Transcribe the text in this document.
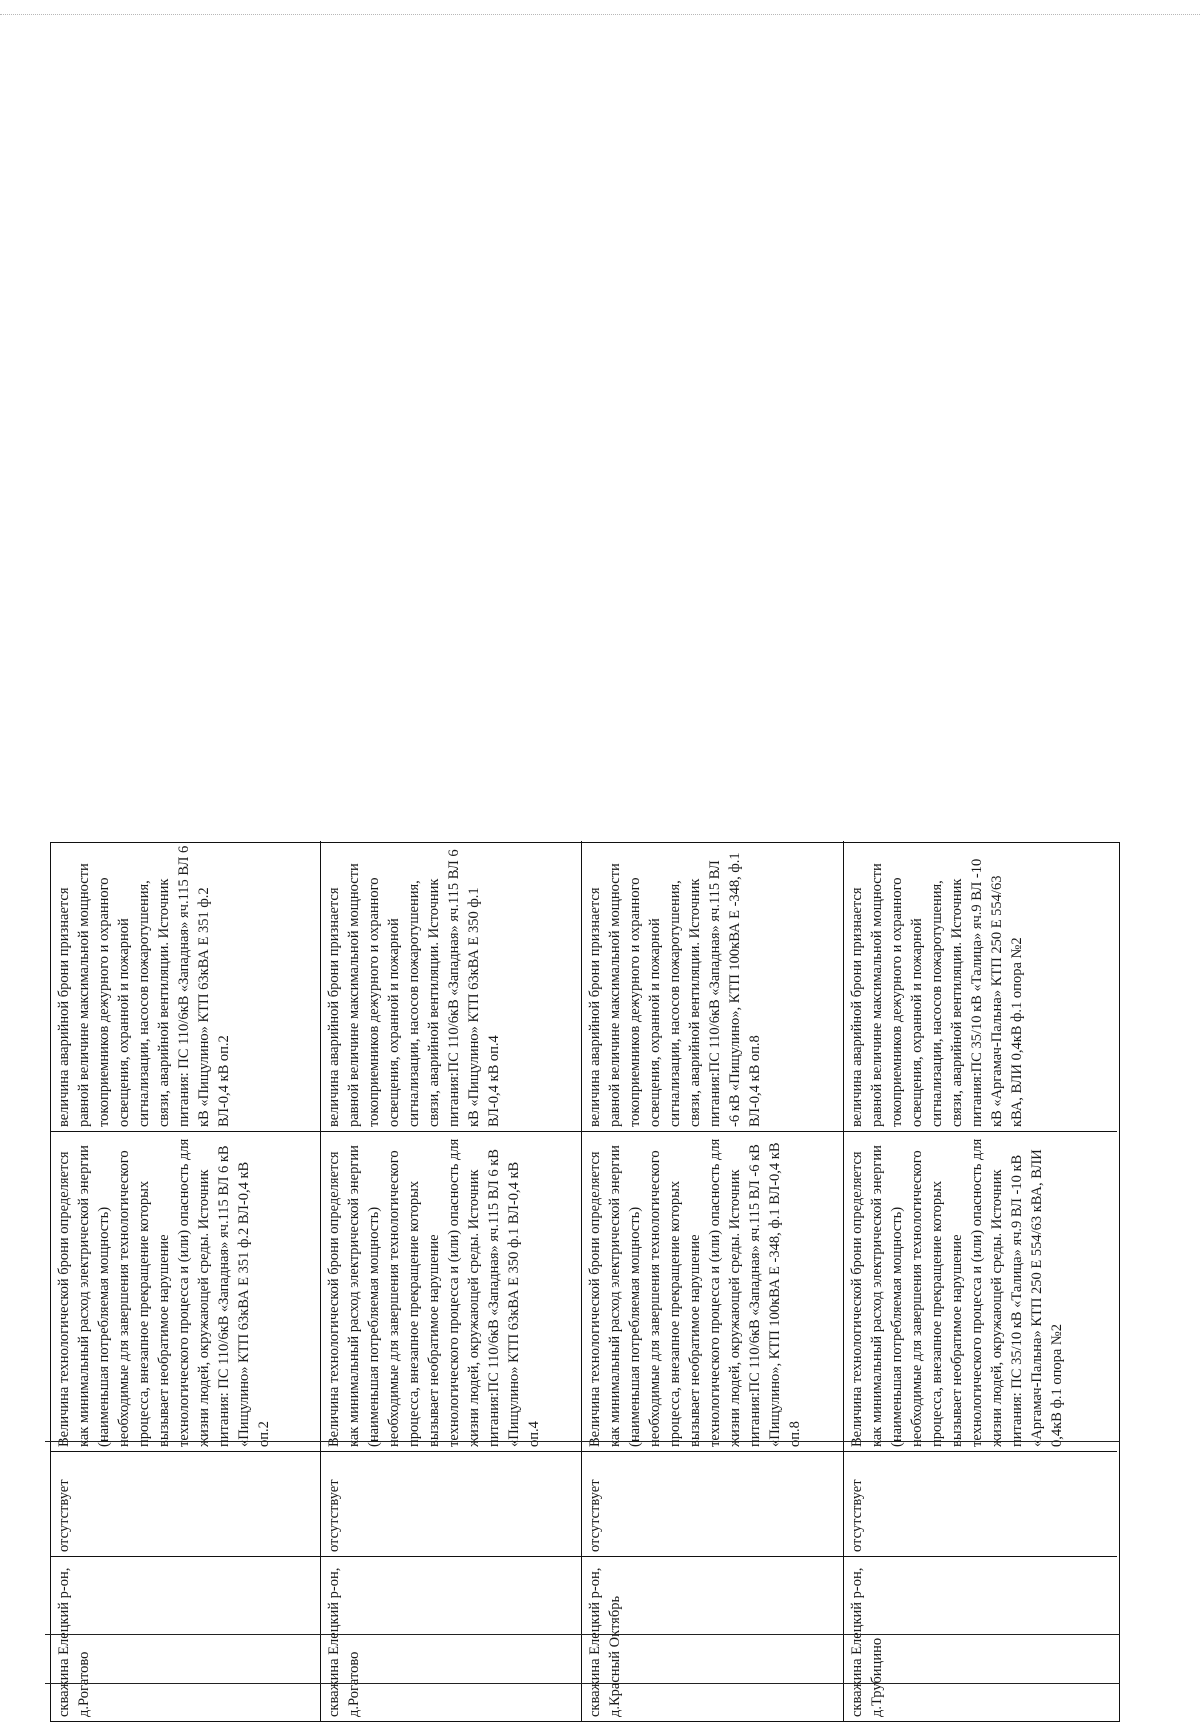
скважина Елецкий р-он, д.Рогатово
отсутствует
Величина технологической брони определяется как минимальный расход электрической энергии (наименьшая потребляемая мощность) необходимые для завершения технологического процесса, внезапное прекращение которых вызывает необратимое нарушение технологического процесса и (или) опасность для жизни людей, окружающей среды. Источник питания: ПС 110/6кВ «Западная» яч.115 ВЛ 6 кВ «Пищулино» КТП 63кВА Е 351 ф.2 ВЛ-0,4 кВ оп.2
величина аварийной брони признается равной величине максимальной мощности токоприемников дежурного и охранного освещения, охранной и пожарной сигнализации, насосов пожаротушения, связи, аварийной вентиляции. Источник питания: ПС 110/6кВ «Западная» яч.115 ВЛ 6 кВ «Пищулино» КТП 63кВА Е 351 ф.2 ВЛ-0,4 кВ оп.2
скважина Елецкий р-он, д.Рогатово
отсутствует
Величина технологической брони определяется как минимальный расход электрической энергии (наименьшая потребляемая мощность) необходимые для завершения технологического процесса, внезапное прекращение которых вызывает необратимое нарушение технологического процесса и (или) опасность для жизни людей, окружающей среды. Источник питания:ПС 110/6кВ «Западная» яч.115 ВЛ 6 кВ «Пищулино» КТП 63кВА Е 350 ф.1 ВЛ-0,4 кВ оп.4
величина аварийной брони признается равной величине максимальной мощности токоприемников дежурного и охранного освещения, охранной и пожарной сигнализации, насосов пожаротушения, связи, аварийной вентиляции. Источник питания:ПС 110/6кВ «Западная» яч.115 ВЛ 6 кВ «Пищулино» КТП 63кВА Е 350 ф.1 ВЛ-0,4 кВ оп.4
скважина Елецкий р-он, д.Красный Октябрь
отсутствует
Величина технологической брони определяется как минимальный расход электрической энергии (наименьшая потребляемая мощность) необходимые для завершения технологического процесса, внезапное прекращение которых вызывает необратимое нарушение технологического процесса и (или) опасность для жизни людей, окружающей среды. Источник питания:ПС 110/6кВ «Западная» яч.115 ВЛ -6 кВ «Пищулино», КТП 100кВА Е -348, ф.1 ВЛ-0,4 кВ оп.8
величина аварийной брони признается равной величине максимальной мощности токоприемников дежурного и охранного освещения, охранной и пожарной сигнализации, насосов пожаротушения, связи, аварийной вентиляции. Источник питания:ПС 110/6кВ «Западная» яч.115 ВЛ -6 кВ «Пищулино», КТП 100кВА Е -348, ф.1 ВЛ-0,4 кВ оп.8
скважина Елецкий р-он, д.Трубицино
отсутствует
Величина технологической брони определяется как минимальный расход электрической энергии (наименьшая потребляемая мощность) необходимые для завершения технологического процесса, внезапное прекращение которых вызывает необратимое нарушение технологического процесса и (или) опасность для жизни людей, окружающей среды. Источник питания: ПС 35/10 кВ «Талица» яч.9 ВЛ -10 кВ «Аргамач-Пальна» КТП 250 Е 554/63 кВА, ВЛИ 0,4кВ ф.1 опора №2
величина аварийной брони признается равной величине максимальной мощности токоприемников дежурного и охранного освещения, охранной и пожарной сигнализации, насосов пожаротушения, связи, аварийной вентиляции. Источник питания:ПС 35/10 кВ «Талица» яч.9 ВЛ -10 кВ «Аргамач-Пальна» КТП 250 Е 554/63 кВА, ВЛИ 0,4кВ ф.1 опора №2
